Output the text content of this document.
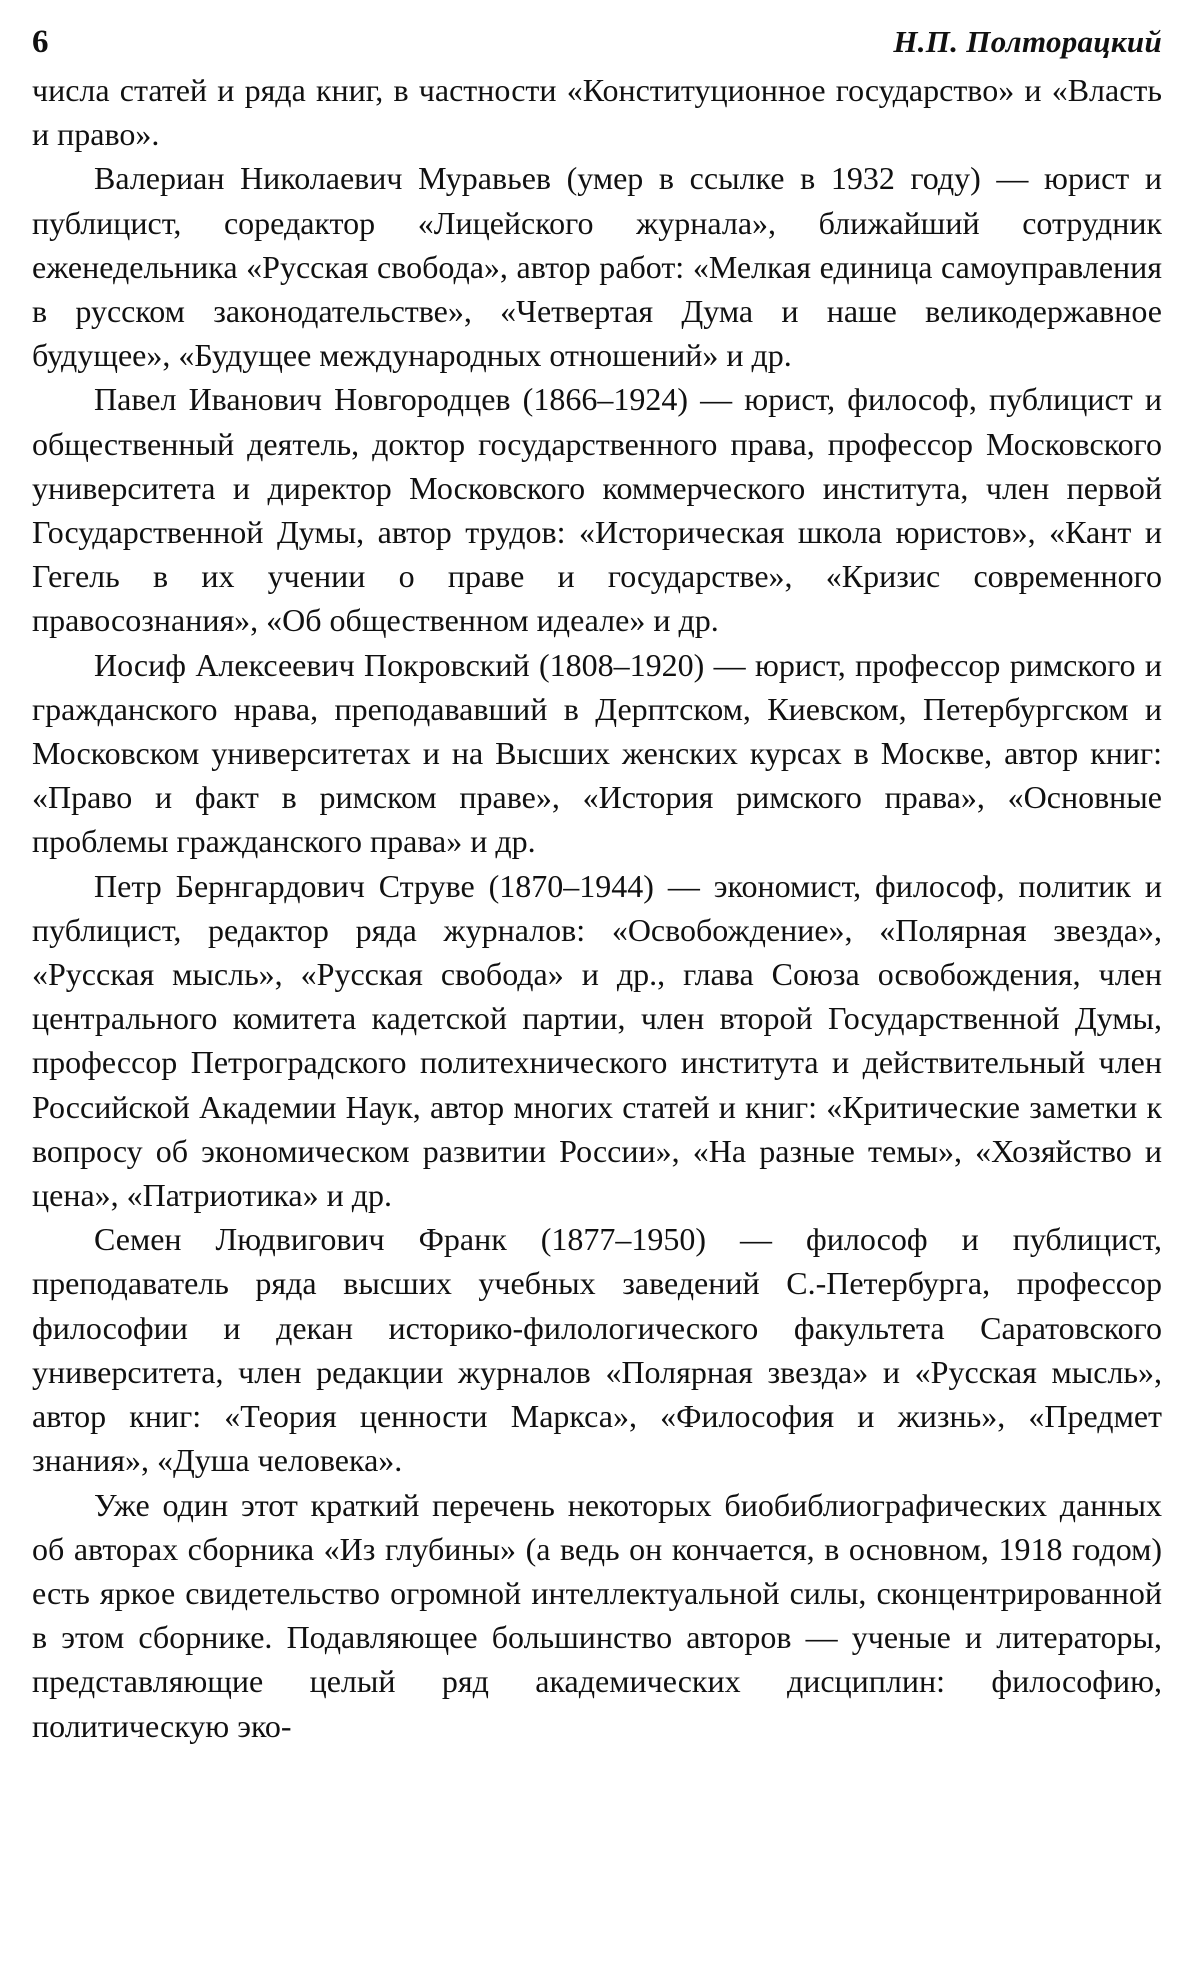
6	Н.П. Полторацкий

числа статей и ряда книг, в частности «Конституционное государство» и «Власть и право».

Валериан Николаевич Муравьев (умер в ссылке в 1932 году) — юрист и публицист, соредактор «Лицейского журнала», ближайший сотрудник еженедельника «Русская свобода», автор работ: «Мелкая единица самоуправления в русском законодательстве», «Четвертая Дума и наше великодержавное будущее», «Будущее международных отношений» и др.

Павел Иванович Новгородцев (1866–1924) — юрист, философ, публицист и общественный деятель, доктор государственного права, профессор Московского университета и директор Московского коммерческого института, член первой Государственной Думы, автор трудов: «Историческая школа юристов», «Кант и Гегель в их учении о праве и государстве», «Кризис современного правосознания», «Об общественном идеале» и др.

Иосиф Алексеевич Покровский (1808–1920) — юрист, профессор римского и гражданского нрава, преподававший в Дерптском, Киевском, Петербургском и Московском университетах и на Высших женских курсах в Москве, автор книг: «Право и факт в римском праве», «История римского права», «Основные проблемы гражданского права» и др.

Петр Бернгардович Струве (1870–1944) — экономист, философ, политик и публицист, редактор ряда журналов: «Освобождение», «Полярная звезда», «Русская мысль», «Русская свобода» и др., глава Союза освобождения, член центрального комитета кадетской партии, член второй Государственной Думы, профессор Петроградского политехнического института и действительный член Российской Академии Наук, автор многих статей и книг: «Критические заметки к вопросу об экономическом развитии России», «На разные темы», «Хозяйство и цена», «Патриотика» и др.

Семен Людвигович Франк (1877–1950) — философ и публицист, преподаватель ряда высших учебных заведений С.-Петербурга, профессор философии и декан историко-филологического факультета Саратовского университета, член редакции журналов «Полярная звезда» и «Русская мысль», автор книг: «Теория ценности Маркса», «Философия и жизнь», «Предмет знания», «Душа человека».

Уже один этот краткий перечень некоторых биобиблиографических данных об авторах сборника «Из глубины» (а ведь он кончается, в основном, 1918 годом) есть яркое свидетельство огромной интеллектуальной силы, сконцентрированной в этом сборнике. Подавляющее большинство авторов — ученые и литераторы, представляющие целый ряд академических дисциплин: философию, политическую эко-
